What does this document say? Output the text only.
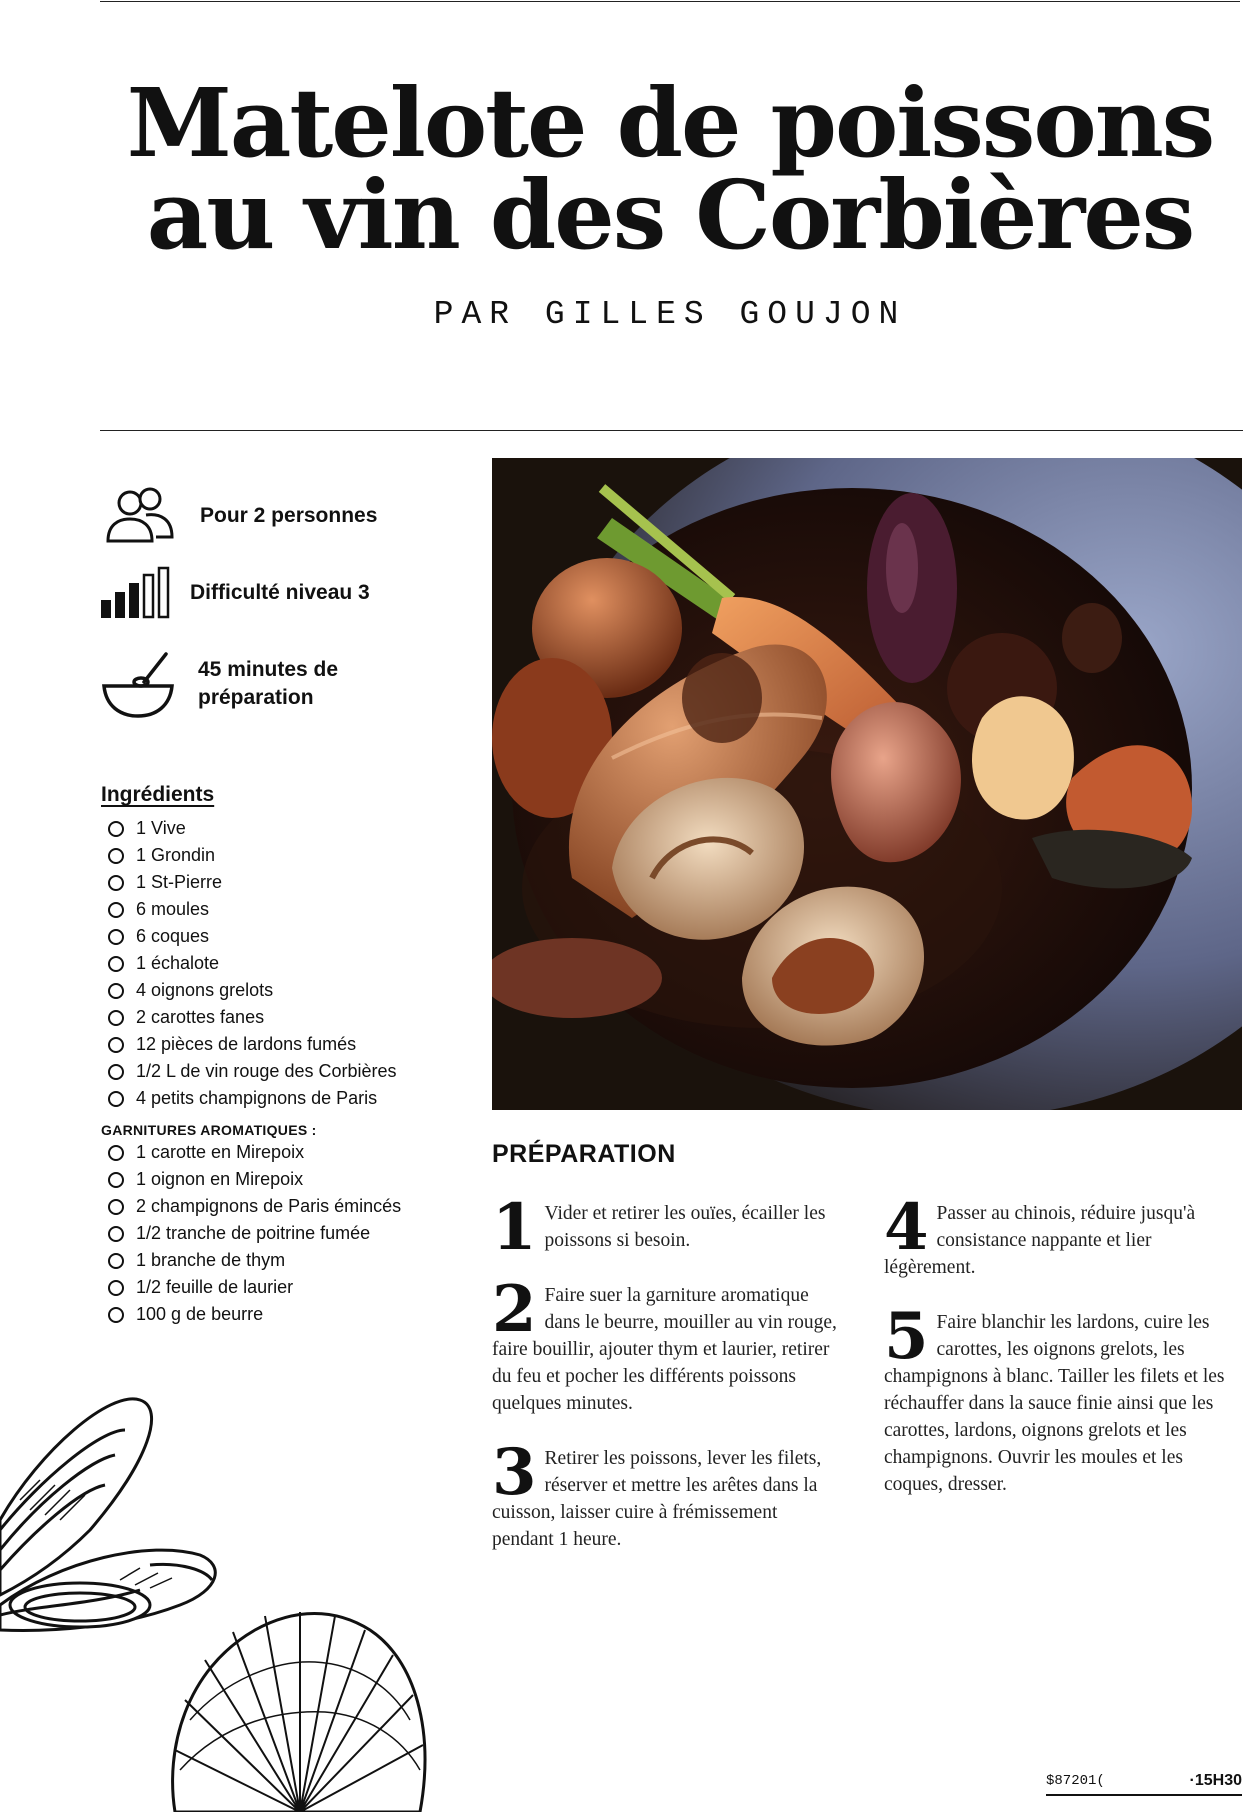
Matelote de poissons
au vin des Corbières
PAR GILLES GOUJON
Pour 2 personnes
Difficulté niveau 3
45 minutes de préparation
Ingrédients
1 Vive
1 Grondin
1 St-Pierre
6 moules
6 coques
1 échalote
4 oignons grelots
2 carottes fanes
12 pièces de lardons fumés
1/2 L de vin rouge des Corbières
4 petits champignons de Paris
GARNITURES AROMATIQUES :
1 carotte en Mirepoix
1 oignon en Mirepoix
2 champignons de Paris émincés
1/2 tranche de poitrine fumée
1 branche de thym
1/2 feuille de laurier
100 g de beurre
PRÉPARATION
1 Vider et retirer les ouïes, écailler les poissons si besoin.
2 Faire suer la garniture aromatique dans le beurre, mouiller au vin rouge, faire bouillir, ajouter thym et laurier, retirer du feu et pocher les différents poissons quelques minutes.
3 Retirer les poissons, lever les filets, réserver et mettre les arêtes dans la cuisson, laisser cuire à frémissement pendant 1 heure.
4 Passer au chinois, réduire jusqu'à consistance nappante et lier légèrement.
5 Faire blanchir les lardons, cuire les carottes, les oignons grelots, les champignons à blanc. Tailler les filets et les réchauffer dans la sauce finie ainsi que les carottes, lardons, oignons grelots et les champignons. Ouvrir les moules et les coques, dresser.
$87201(	·15H30
